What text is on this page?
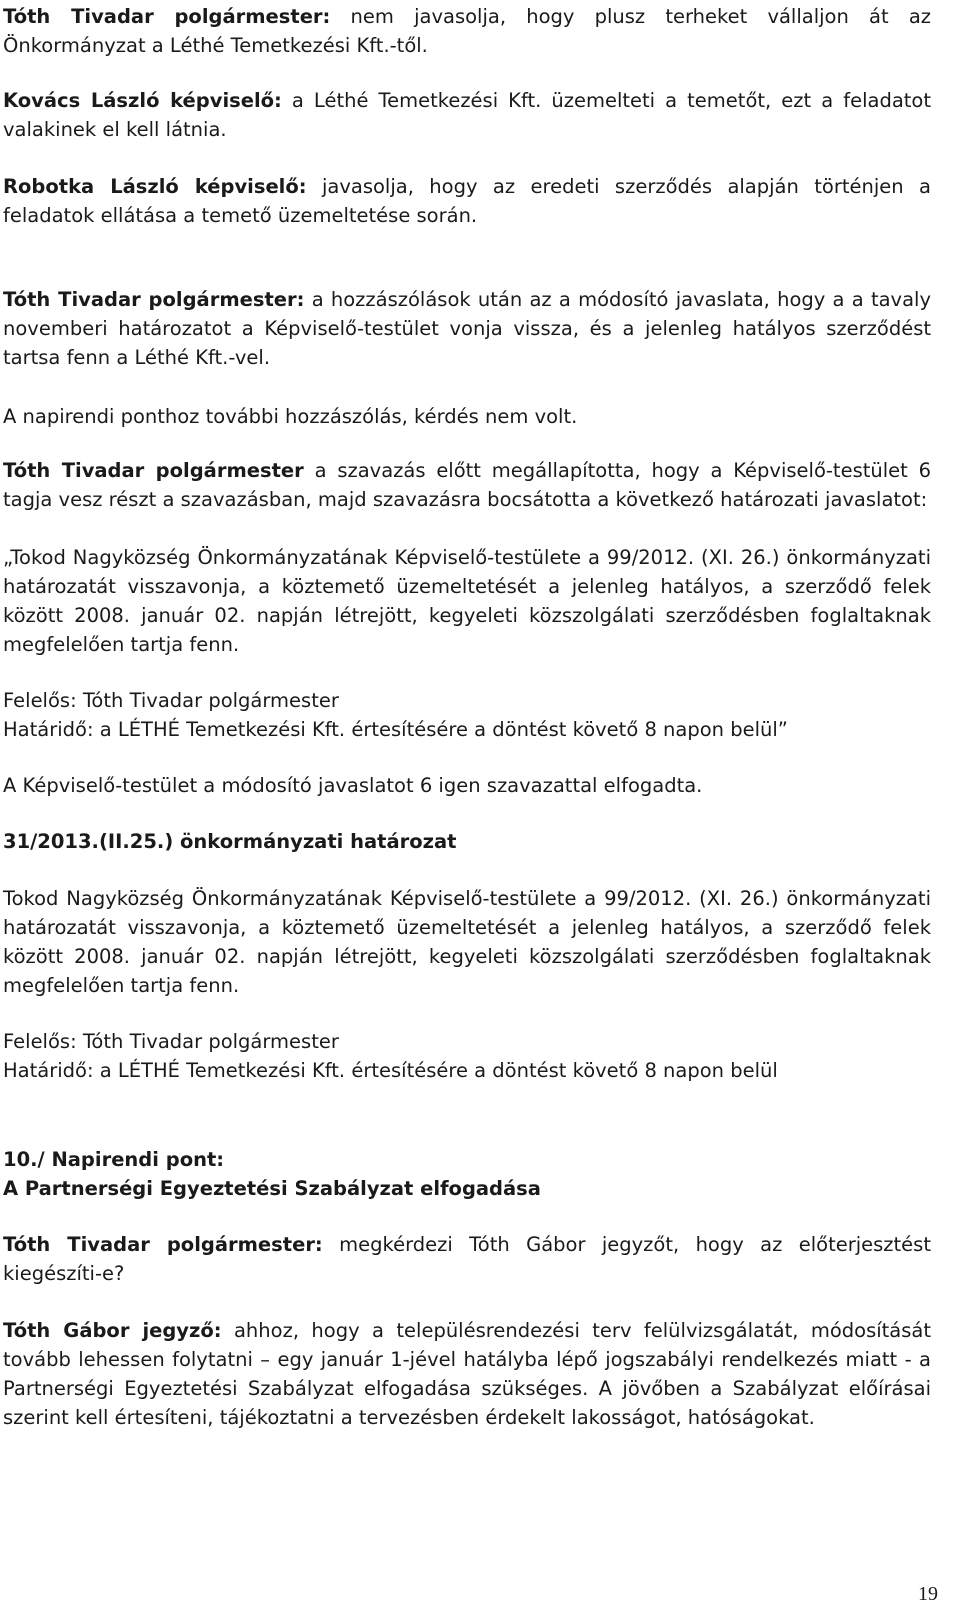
Tóth Tivadar polgármester: nem javasolja, hogy plusz terheket vállaljon át az Önkormányzat a Léthé Temetkezési Kft.-től.

Kovács László képviselő: a Léthé Temetkezési Kft. üzemelteti a temetőt, ezt a feladatot valakinek el kell látnia.

Robotka László képviselő: javasolja, hogy az eredeti szerződés alapján történjen a feladatok ellátása a temető üzemeltetése során.

Tóth Tivadar polgármester: a hozzászólások után az a módosító javaslata, hogy a a tavaly novemberi határozatot a Képviselő-testület vonja vissza, és a jelenleg hatályos szerződést tartsa fenn a Léthé Kft.-vel.

A napirendi ponthoz további hozzászólás, kérdés nem volt.

Tóth Tivadar polgármester a szavazás előtt megállapította, hogy a Képviselő-testület 6 tagja vesz részt a szavazásban, majd szavazásra bocsátotta a következő határozati javaslatot:

„Tokod Nagyközség Önkormányzatának Képviselő-testülete a 99/2012. (XI. 26.) önkormányzati határozatát visszavonja, a köztemető üzemeltetését a jelenleg hatályos, a szerződő felek között 2008. január 02. napján létrejött, kegyeleti közszolgálati szerződésben foglaltaknak megfelelően tartja fenn.

Felelős: Tóth Tivadar polgármester

Határidő: a LÉTHÉ Temetkezési Kft. értesítésére a döntést követő 8 napon belül”

A Képviselő-testület a módosító javaslatot 6 igen szavazattal elfogadta.

31/2013.(II.25.) önkormányzati határozat

Tokod Nagyközség Önkormányzatának Képviselő-testülete a 99/2012. (XI. 26.) önkormányzati határozatát visszavonja, a köztemető üzemeltetését a jelenleg hatályos, a szerződő felek között 2008. január 02. napján létrejött, kegyeleti közszolgálati szerződésben foglaltaknak megfelelően tartja fenn.

Felelős: Tóth Tivadar polgármester

Határidő: a LÉTHÉ Temetkezési Kft. értesítésére a döntést követő 8 napon belül

10./ Napirendi pont:

A Partnerségi Egyeztetési Szabályzat elfogadása

Tóth Tivadar polgármester: megkérdezi Tóth Gábor jegyzőt, hogy az előterjesztést kiegészíti-e?

Tóth Gábor jegyző: ahhoz, hogy a településrendezési terv felülvizsgálatát, módosítását tovább lehessen folytatni – egy január 1-jével hatályba lépő jogszabályi rendelkezés miatt - a Partnerségi Egyeztetési Szabályzat elfogadása szükséges. A jövőben a Szabályzat előírásai szerint kell értesíteni, tájékoztatni a tervezésben érdekelt lakosságot, hatóságokat.

19
